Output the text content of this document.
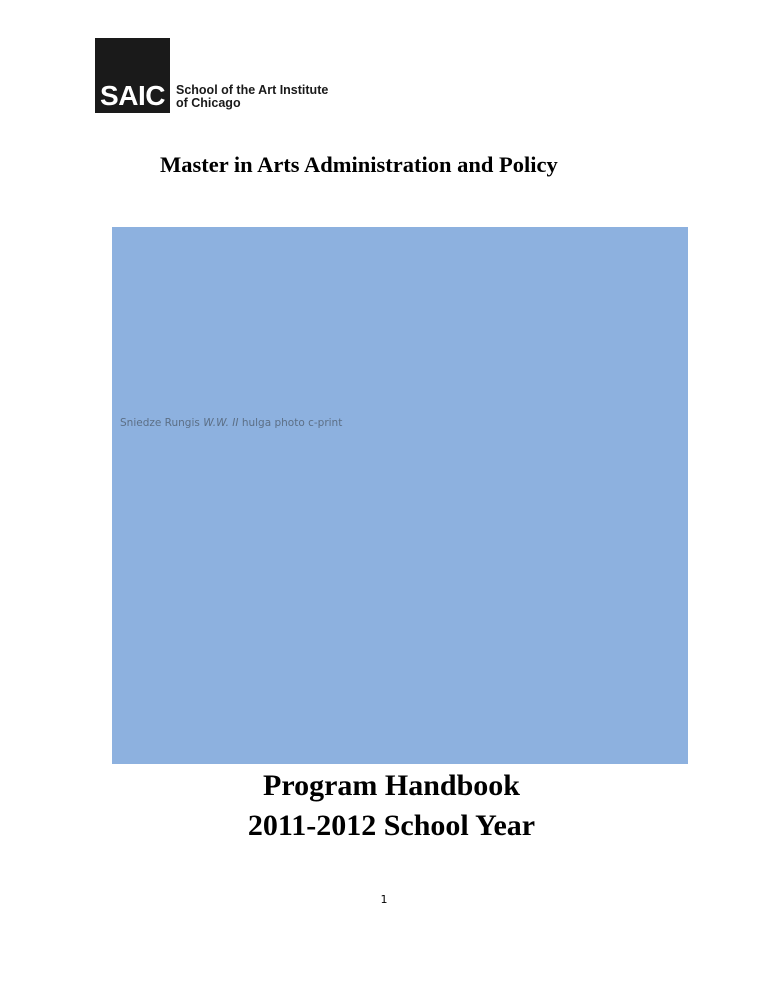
SAIC School of the Art Institute
of Chicago
Master in Arts Administration and Policy
Sniedze Rungis W.W. II hulga photo c-print
Program Handbook
2011-2012 School Year
1
